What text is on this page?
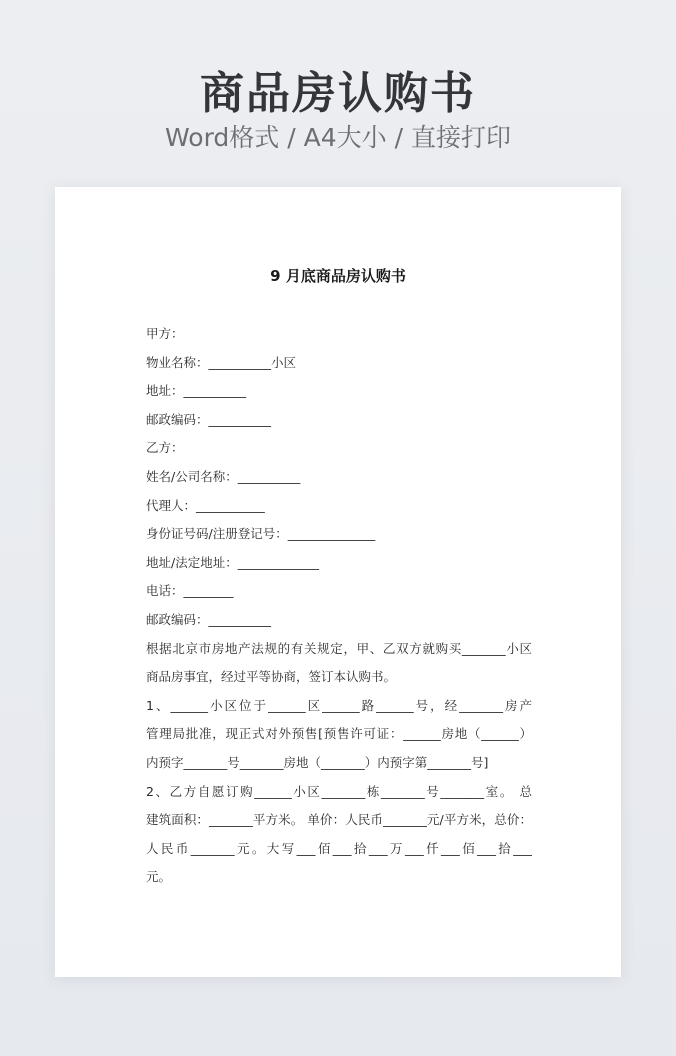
商品房认购书

Word格式 / A4大小 / 直接打印

9 月底商品房认购书
甲方：
物业名称：__________小区
地址：__________
邮政编码：__________
乙方：
姓名/公司名称：__________
代理人：___________
身份证号码/注册登记号：______________
地址/法定地址：_____________
电话：________
邮政编码：__________
根据北京市房地产法规的有关规定，甲、乙双方就购买_______小区
商品房事宜，经过平等协商，签订本认购书。
1、______小区位于______区______路______号，经_______房产
管理局批准，现正式对外预售[预售许可证：______房地（______）
内预字_______号_______房地（_______）内预字第_______号]
2、乙方自愿订购______小区_______栋_______号_______室。 总
建筑面积：_______平方米。 单价：人民币_______元/平方米，总价：
人民币_______元。大写___佰___拾___万___仟___佰___拾___
元。
